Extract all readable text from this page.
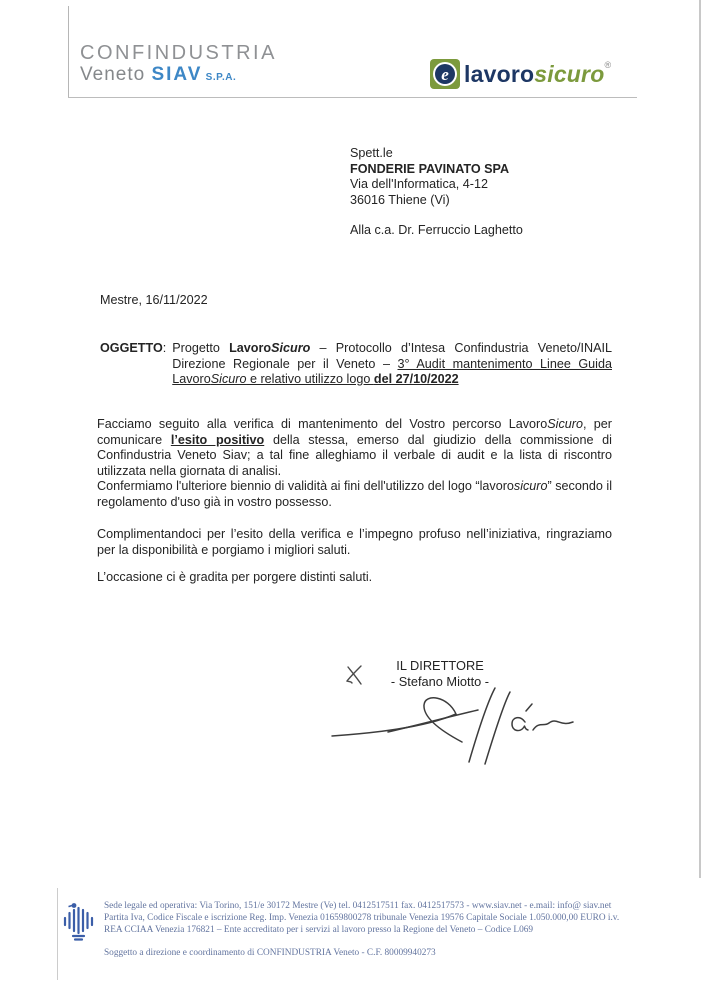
CONFINDUSTRIA
Veneto SIAV S.P.A.	e lavorosicuro®
Spett.le
FONDERIE PAVINATO SPA
Via dell'Informatica, 4-12
36016 Thiene (Vi)
Alla c.a. Dr. Ferruccio Laghetto
Mestre, 16/11/2022
OGGETTO : Progetto LavoroSicuro – Protocollo d’Intesa Confindustria Veneto/INAIL Direzione Regionale per il Veneto – 3° Audit mantenimento Linee Guida LavoroSicuro e relativo utilizzo logo del 27/10/2022
Facciamo seguito alla verifica di mantenimento del Vostro percorso LavoroSicuro, per comunicare l’esito positivo della stessa, emerso dal giudizio della commissione di Confindustria Veneto Siav; a tal fine alleghiamo il verbale di audit e la lista di riscontro utilizzata nella giornata di analisi.
Confermiamo l'ulteriore biennio di validità ai fini dell'utilizzo del logo “lavorosicuro” secondo il regolamento d'uso già in vostro possesso.
Complimentandoci per l’esito della verifica e l’impegno profuso nell’iniziativa, ringraziamo per la disponibilità e porgiamo i migliori saluti.
L’occasione ci è gradita per porgere distinti saluti.
IL DIRETTORE
- Stefano Miotto -
Sede legale ed operativa: Via Torino, 151/e 30172 Mestre (Ve) tel. 0412517511 fax. 0412517573 - www.siav.net - e.mail: info@ siav.net
Partita Iva, Codice Fiscale e iscrizione Reg. Imp. Venezia 01659800278 tribunale Venezia 19576 Capitale Sociale 1.050.000,00 EURO i.v.
REA CCIAA Venezia 176821 – Ente accreditato per i servizi al lavoro presso la Regione del Veneto – Codice L069
Soggetto a direzione e coordinamento di CONFINDUSTRIA Veneto - C.F. 80009940273
